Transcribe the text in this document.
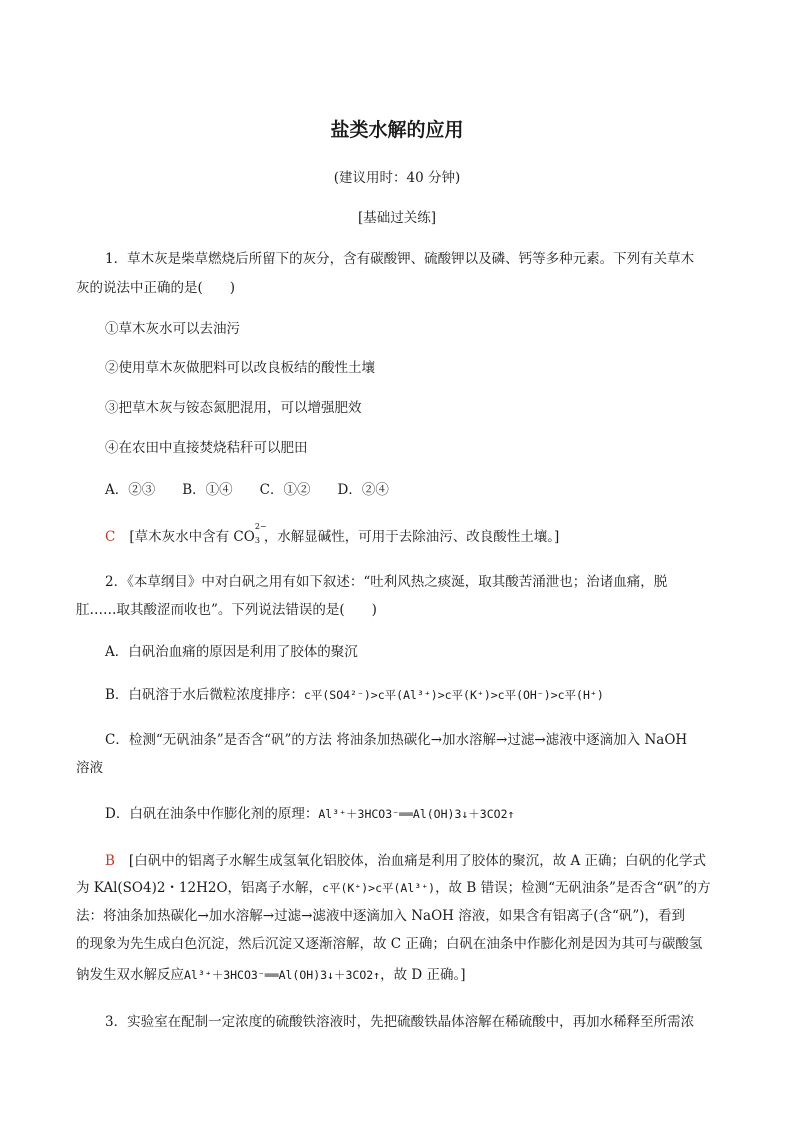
盐类水解的应用
(建议用时：40 分钟)
[基础过关练]
1．草木灰是柴草燃烧后所留下的灰分，含有碳酸钾、硫酸钾以及磷、钙等多种元素。下列有关草木
灰的说法中正确的是(　　)
①草木灰水可以去油污
②使用草木灰做肥料可以改良板结的酸性土壤
③把草木灰与铵态氮肥混用，可以增强肥效
④在农田中直接焚烧秸秆可以肥田
A．②③　　B．①④　　C．①②　　D．②④
C [草木灰水中含有 CO
2−
3 ，水解显碱性，可用于去除油污、改良酸性土壤。]
2．《本草纲目》中对白矾之用有如下叙述：“吐利风热之痰涎，取其酸苦涌泄也；治诸血痛，脱
肛……取其酸涩而收也”。下列说法错误的是(　　)
A．白矾治血痛的原因是利用了胶体的聚沉
B．白矾溶于水后微粒浓度排序：c平(SO4²⁻)>c平(Al³⁺)>c平(K⁺)>c平(OH⁻)>c平(H⁺)
C．检测“无矾油条”是否含“矾”的方法 将油条加热碳化→加水溶解→过滤→滤液中逐滴加入 NaOH
溶液
D．白矾在油条中作膨化剂的原理：Al³⁺＋3HCO3⁻══Al(OH)3↓＋3CO2↑
B [白矾中的铝离子水解生成氢氧化铝胶体，治血痛是利用了胶体的聚沉，故 A 正确；白矾的化学式
为 KAl(SO4)2・12H2O，铝离子水解，c平(K⁺)>c平(Al³⁺)，故 B 错误；检测“无矾油条”是否含“矾”的方
法：将油条加热碳化→加水溶解→过滤→滤液中逐滴加入 NaOH 溶液，如果含有铝离子(含“矾”)，看到
的现象为先生成白色沉淀，然后沉淀又逐渐溶解，故 C 正确；白矾在油条中作膨化剂是因为其可与碳酸氢
钠发生双水解反应Al³⁺＋3HCO3⁻══Al(OH)3↓＋3CO2↑，故 D 正确。]
3．实验室在配制一定浓度的硫酸铁溶液时，先把硫酸铁晶体溶解在稀硫酸中，再加水稀释至所需浓
